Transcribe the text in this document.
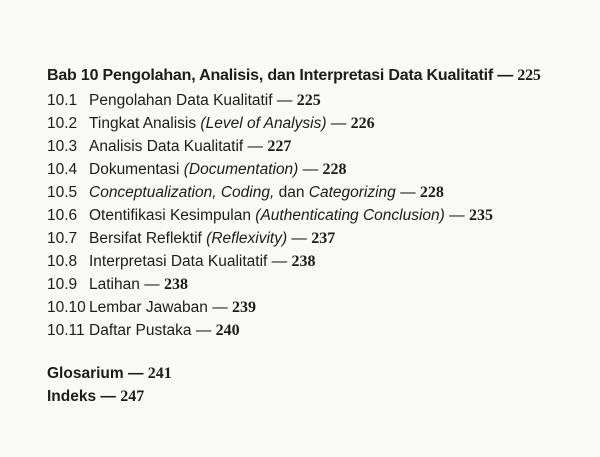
Bab 10 Pengolahan, Analisis, dan Interpretasi Data Kualitatif — 225
10.1 Pengolahan Data Kualitatif — 225
10.2 Tingkat Analisis (Level of Analysis) — 226
10.3 Analisis Data Kualitatif — 227
10.4 Dokumentasi (Documentation) — 228
10.5 Conceptualization, Coding, dan Categorizing — 228
10.6 Otentifikasi Kesimpulan (Authenticating Conclusion) — 235
10.7 Bersifat Reflektif (Reflexivity) — 237
10.8 Interpretasi Data Kualitatif — 238
10.9 Latihan — 238
10.10 Lembar Jawaban — 239
10.11 Daftar Pustaka — 240
Glosarium — 241
Indeks — 247
